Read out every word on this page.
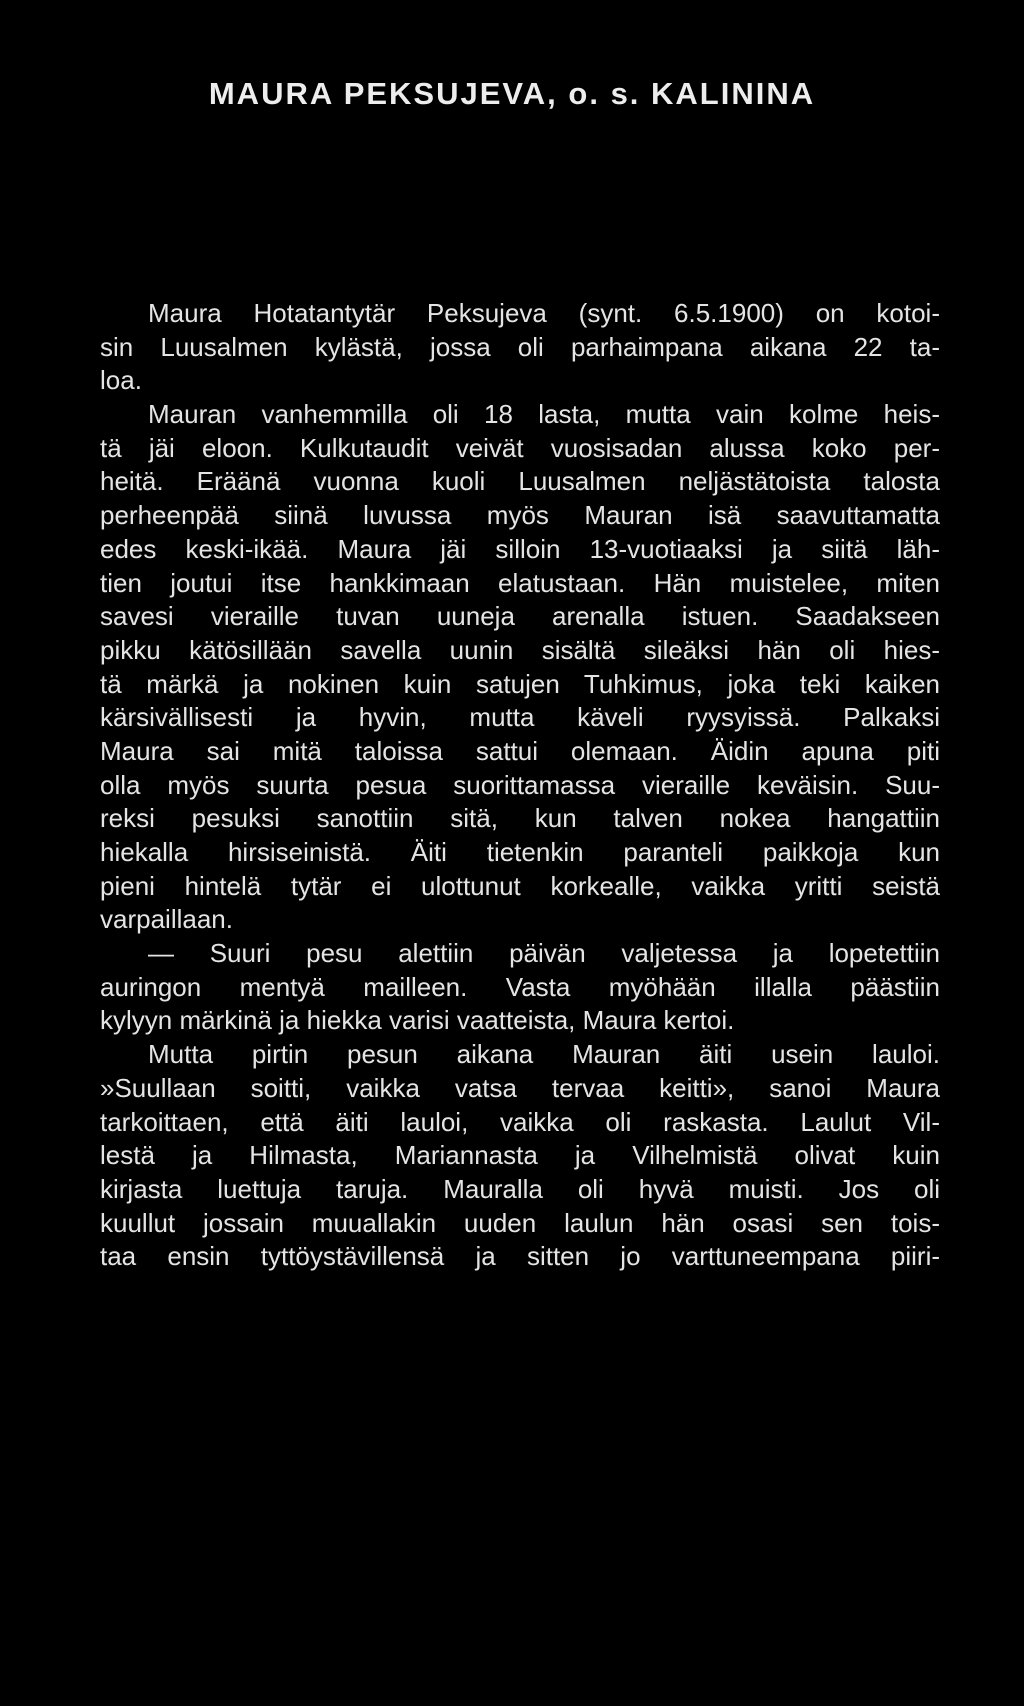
MAURA PEKSUJEVA, o. s. KALININA
Maura Hotatantytär Peksujeva (synt. 6.5.1900) on kotoi-
sin Luusalmen kylästä, jossa oli parhaimpana aikana 22 ta-
loa.
Mauran vanhemmilla oli 18 lasta, mutta vain kolme heis-
tä jäi eloon. Kulkutaudit veivät vuosisadan alussa koko per-
heitä. Eräänä vuonna kuoli Luusalmen neljästätoista talosta
perheenpää siinä luvussa myös Mauran isä saavuttamatta
edes keski-ikää. Maura jäi silloin 13-vuotiaaksi ja siitä läh-
tien joutui itse hankkimaan elatustaan. Hän muistelee, miten
savesi vieraille tuvan uuneja arenalla istuen. Saadakseen
pikku kätösillään savella uunin sisältä sileäksi hän oli hies-
tä märkä ja nokinen kuin satujen Tuhkimus, joka teki kaiken
kärsivällisesti ja hyvin, mutta käveli ryysyissä. Palkaksi
Maura sai mitä taloissa sattui olemaan. Äidin apuna piti
olla myös suurta pesua suorittamassa vieraille keväisin. Suu-
reksi pesuksi sanottiin sitä, kun talven nokea hangattiin
hiekalla hirsiseinistä. Äiti tietenkin paranteli paikkoja kun
pieni hintelä tytär ei ulottunut korkealle, vaikka yritti seistä
varpaillaan.
— Suuri pesu alettiin päivän valjetessa ja lopetettiin
auringon mentyä mailleen. Vasta myöhään illalla päästiin
kylyyn märkinä ja hiekka varisi vaatteista, Maura kertoi.
Mutta pirtin pesun aikana Mauran äiti usein lauloi.
»Suullaan soitti, vaikka vatsa tervaa keitti», sanoi Maura
tarkoittaen, että äiti lauloi, vaikka oli raskasta. Laulut Vil-
lestä ja Hilmasta, Mariannasta ja Vilhelmistä olivat kuin
kirjasta luettuja taruja. Mauralla oli hyvä muisti. Jos oli
kuullut jossain muuallakin uuden laulun hän osasi sen tois-
taa ensin tyttöystävillensä ja sitten jo varttuneempana piiri-
